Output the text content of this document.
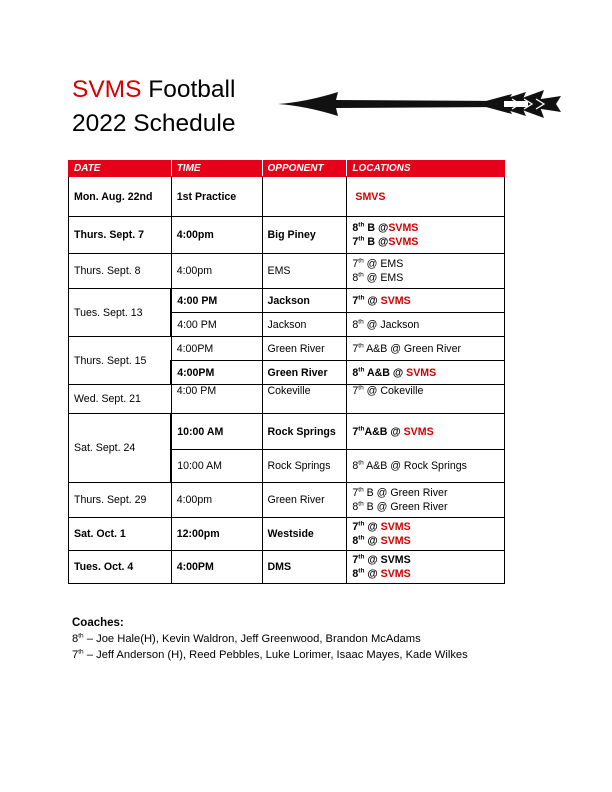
SVMS Football
2022 Schedule
DATE	TIME	OPPONENT	LOCATIONS
Mon. Aug. 22nd	1st Practice		SMVS
Thurs. Sept. 7	4:00pm	Big Piney	8th B @SVMS
7th B @SVMS

Thurs. Sept. 8	4:00pm	EMS	7th @ EMS
8th @ EMS

Tues. Sept. 13	4:00 PM	Jackson	7th @ SVMS
	4:00 PM	Jackson	8th @ Jackson
Thurs. Sept. 15	4:00PM	Green River	7th A&B @ Green River
	4:00PM	Green River	8th A&B @ SVMS
Wed. Sept. 21	4:00 PM	Cokeville	7th @ Cokeville
Sat. Sept. 24	10:00 AM	Rock Springs	7thA&B @ SVMS
	10:00 AM	Rock Springs	8th A&B @ Rock Springs
Thurs. Sept. 29	4:00pm	Green River	7th B @ Green River
8th B @ Green River

Sat. Oct. 1	12:00pm	Westside	7th @ SVMS
8th @ SVMS

Tues. Oct. 4	4:00PM	DMS	7th @ SVMS
8th @ SVMS
Coaches:
8th – Joe Hale(H), Kevin Waldron, Jeff Greenwood, Brandon McAdams
7th – Jeff Anderson (H), Reed Pebbles, Luke Lorimer, Isaac Mayes, Kade Wilkes
